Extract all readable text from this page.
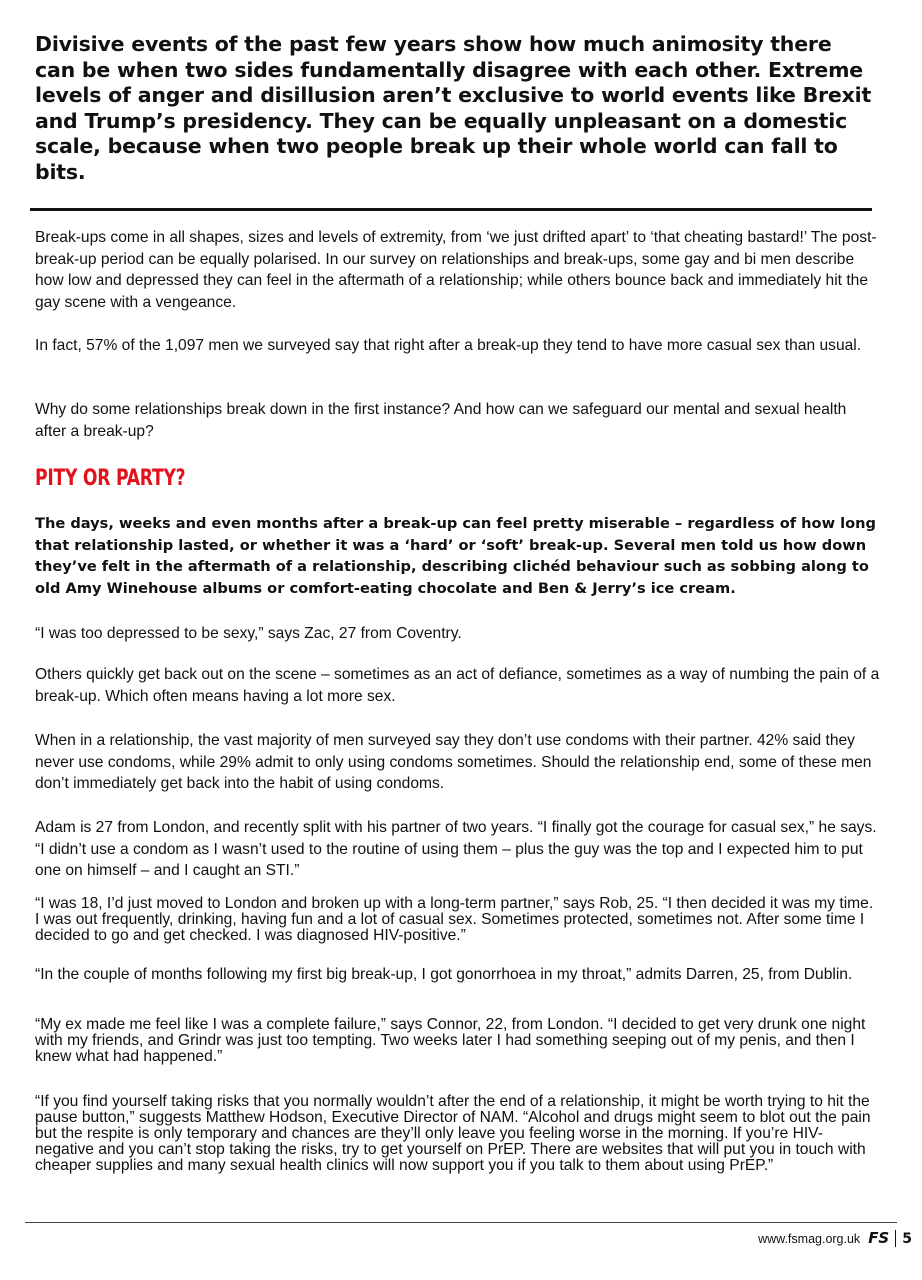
Divisive events of the past few years show how much animosity there can be when two sides fundamentally disagree with each other. Extreme levels of anger and disillusion aren’t exclusive to world events like Brexit and Trump’s presidency. They can be equally unpleasant on a domestic scale, because when two people break up their whole world can fall to bits.

Break-ups come in all shapes, sizes and levels of extremity, from ‘we just drifted apart’ to ‘that cheating bastard!’ The post-break-up period can be equally polarised. In our survey on relationships and break-ups, some gay and bi men describe how low and depressed they can feel in the aftermath of a relationship; while others bounce back and immediately hit the gay scene with a vengeance.

In fact, 57% of the 1,097 men we surveyed say that right after a break-up they tend to have more casual sex than usual.

Why do some relationships break down in the first instance? And how can we safeguard our mental and sexual health after a break-up?

PITY OR PARTY?

The days, weeks and even months after a break-up can feel pretty miserable – regardless of how long that relationship lasted, or whether it was a ‘hard’ or ‘soft’ break-up. Several men told us how down they’ve felt in the aftermath of a relationship, describing clichéd behaviour such as sobbing along to old Amy Winehouse albums or comfort-eating chocolate and Ben & Jerry’s ice cream.

“I was too depressed to be sexy,” says Zac, 27 from Coventry.

Others quickly get back out on the scene – sometimes as an act of defiance, sometimes as a way of numbing the pain of a break-up. Which often means having a lot more sex.

When in a relationship, the vast majority of men surveyed say they don’t use condoms with their partner. 42% said they never use condoms, while 29% admit to only using condoms sometimes. Should the relationship end, some of these men don’t immediately get back into the habit of using condoms.

Adam is 27 from London, and recently split with his partner of two years. “I finally got the courage for casual sex,” he says. “I didn’t use a condom as I wasn’t used to the routine of using them – plus the guy was the top and I expected him to put one on himself – and I caught an STI.”

“I was 18, I’d just moved to London and broken up with a long-term partner,” says Rob, 25. “I then decided it was my time. I was out frequently, drinking, having fun and a lot of casual sex. Sometimes protected, sometimes not. After some time I decided to go and get checked. I was diagnosed HIV-positive.”

“In the couple of months following my first big break-up, I got gonorrhoea in my throat,” admits Darren, 25, from Dublin.

“My ex made me feel like I was a complete failure,” says Connor, 22, from London. “I decided to get very drunk one night with my friends, and Grindr was just too tempting. Two weeks later I had something seeping out of my penis, and then I knew what had happened.”

“If you find yourself taking risks that you normally wouldn’t after the end of a relationship, it might be worth trying to hit the pause button,” suggests Matthew Hodson, Executive Director of NAM. “Alcohol and drugs might seem to blot out the pain but the respite is only temporary and chances are they’ll only leave you feeling worse in the morning. If you’re HIV-negative and you can’t stop taking the risks, try to get yourself on PrEP. There are websites that will put you in touch with cheaper supplies and many sexual health clinics will now support you if you talk to them about using PrEP.”

www.fsmag.org.uk FS 5
